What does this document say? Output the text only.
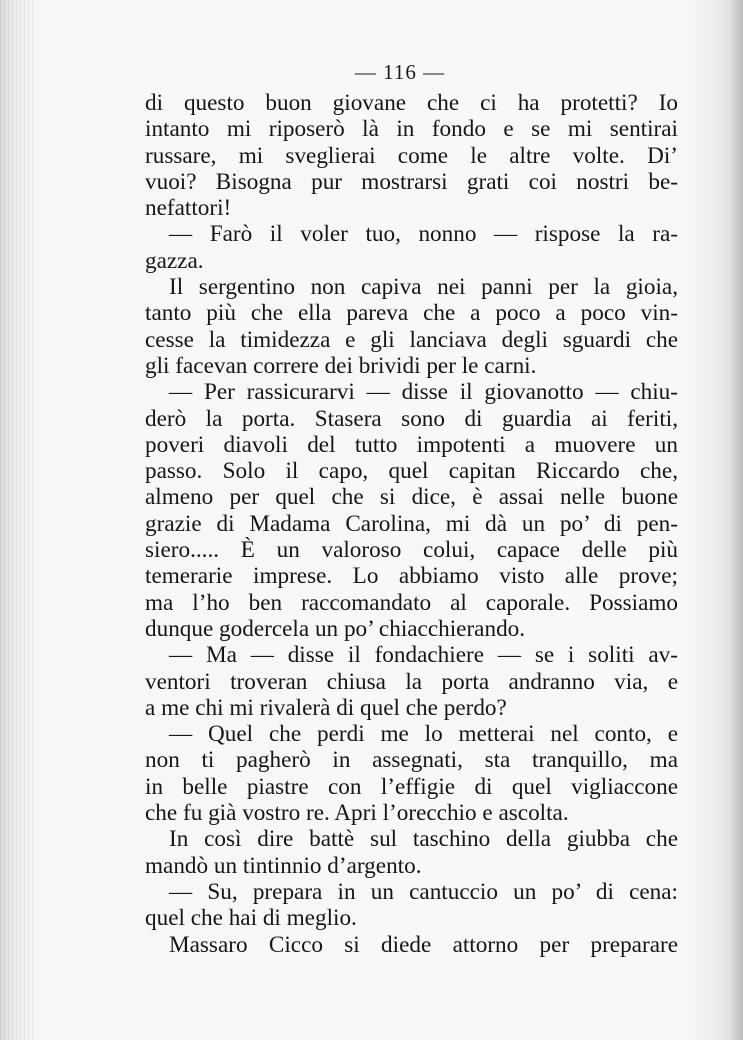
— 116 —
di questo buon giovane che ci ha protetti? Io
intanto mi riposerò là in fondo e se mi sentirai
russare, mi sveglierai come le altre volte. Di’
vuoi? Bisogna pur mostrarsi grati coi nostri be-
nefattori!
— Farò il voler tuo, nonno — rispose la ra-
gazza.
Il sergentino non capiva nei panni per la gioia,
tanto più che ella pareva che a poco a poco vin-
cesse la timidezza e gli lanciava degli sguardi che
gli facevan correre dei brividi per le carni.
— Per rassicurarvi — disse il giovanotto — chiu-
derò la porta. Stasera sono di guardia ai feriti,
poveri diavoli del tutto impotenti a muovere un
passo. Solo il capo, quel capitan Riccardo che,
almeno per quel che si dice, è assai nelle buone
grazie di Madama Carolina, mi dà un po’ di pen-
siero..... È un valoroso colui, capace delle più
temerarie imprese. Lo abbiamo visto alle prove;
ma l’ho ben raccomandato al caporale. Possiamo
dunque godercela un po’ chiacchierando.
— Ma — disse il fondachiere — se i soliti av-
ventori troveran chiusa la porta andranno via, e
a me chi mi rivalerà di quel che perdo?
— Quel che perdi me lo metterai nel conto, e
non ti pagherò in assegnati, sta tranquillo, ma
in belle piastre con l’effigie di quel vigliaccone
che fu già vostro re. Apri l’orecchio e ascolta.
In così dire battè sul taschino della giubba che
mandò un tintinnio d’argento.
— Su, prepara in un cantuccio un po’ di cena:
quel che hai di meglio.
Massaro Cicco si diede attorno per preparare
